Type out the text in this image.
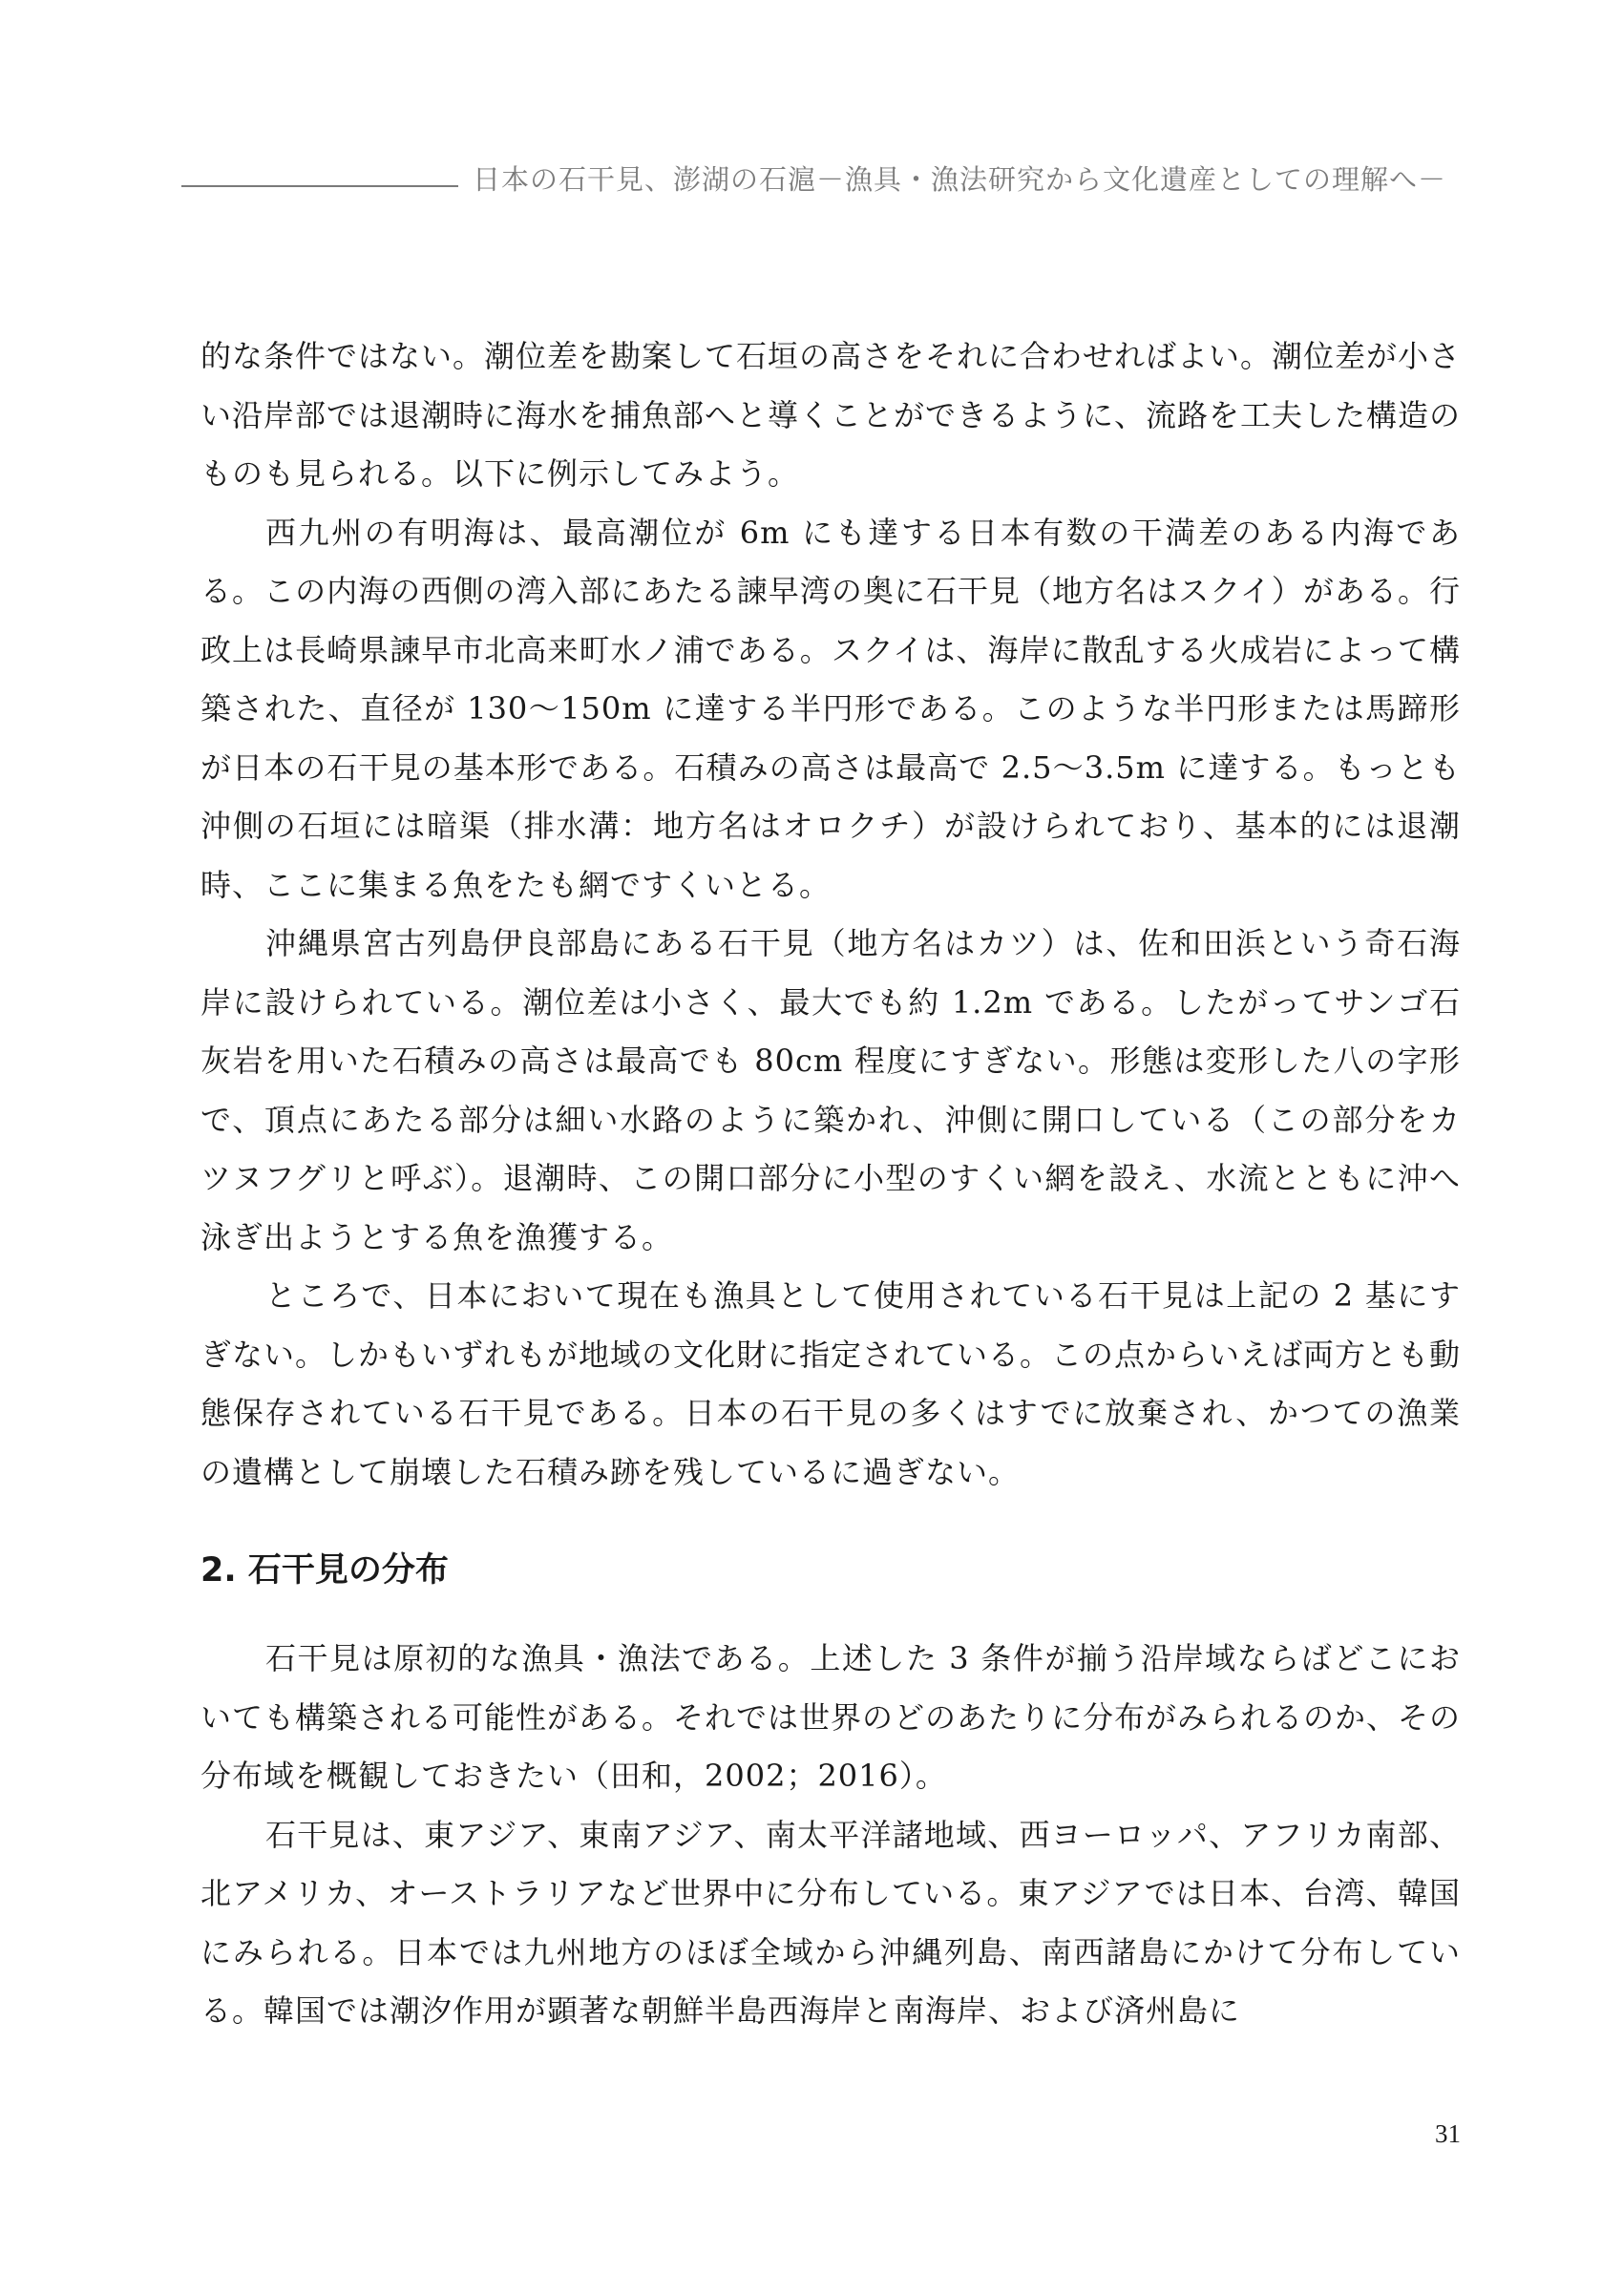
日本の石干見、澎湖の石滬－漁具・漁法研究から文化遺産としての理解へ－

的な条件ではない。潮位差を勘案して石垣の高さをそれに合わせればよい。潮位差が小さい沿岸部では退潮時に海水を捕魚部へと導くことができるように、流路を工夫した構造のものも見られる。以下に例示してみよう。

西九州の有明海は、最高潮位が 6m にも達する日本有数の干満差のある内海である。この内海の西側の湾入部にあたる諫早湾の奥に石干見（地方名はスクイ）がある。行政上は長崎県諫早市北高来町水ノ浦である。スクイは、海岸に散乱する火成岩によって構築された、直径が 130～150m に達する半円形である。このような半円形または馬蹄形が日本の石干見の基本形である。石積みの高さは最高で 2.5～3.5m に達する。もっとも沖側の石垣には暗渠（排水溝：地方名はオロクチ）が設けられており、基本的には退潮時、ここに集まる魚をたも網ですくいとる。

沖縄県宮古列島伊良部島にある石干見（地方名はカツ）は、佐和田浜という奇石海岸に設けられている。潮位差は小さく、最大でも約 1.2m である。したがってサンゴ石灰岩を用いた石積みの高さは最高でも 80cm 程度にすぎない。形態は変形した八の字形で、頂点にあたる部分は細い水路のように築かれ、沖側に開口している（この部分をカツヌフグリと呼ぶ）。退潮時、この開口部分に小型のすくい網を設え、水流とともに沖へ泳ぎ出ようとする魚を漁獲する。

ところで、日本において現在も漁具として使用されている石干見は上記の 2 基にすぎない。しかもいずれもが地域の文化財に指定されている。この点からいえば両方とも動態保存されている石干見である。日本の石干見の多くはすでに放棄され、かつての漁業の遺構として崩壊した石積み跡を残しているに過ぎない。

2. 石干見の分布

石干見は原初的な漁具・漁法である。上述した 3 条件が揃う沿岸域ならばどこにおいても構築される可能性がある。それでは世界のどのあたりに分布がみられるのか、その分布域を概観しておきたい（田和，2002；2016）。

石干見は、東アジア、東南アジア、南太平洋諸地域、西ヨーロッパ、アフリカ南部、北アメリカ、オーストラリアなど世界中に分布している。東アジアでは日本、台湾、韓国にみられる。日本では九州地方のほぼ全域から沖縄列島、南西諸島にかけて分布している。韓国では潮汐作用が顕著な朝鮮半島西海岸と南海岸、および済州島に

31
